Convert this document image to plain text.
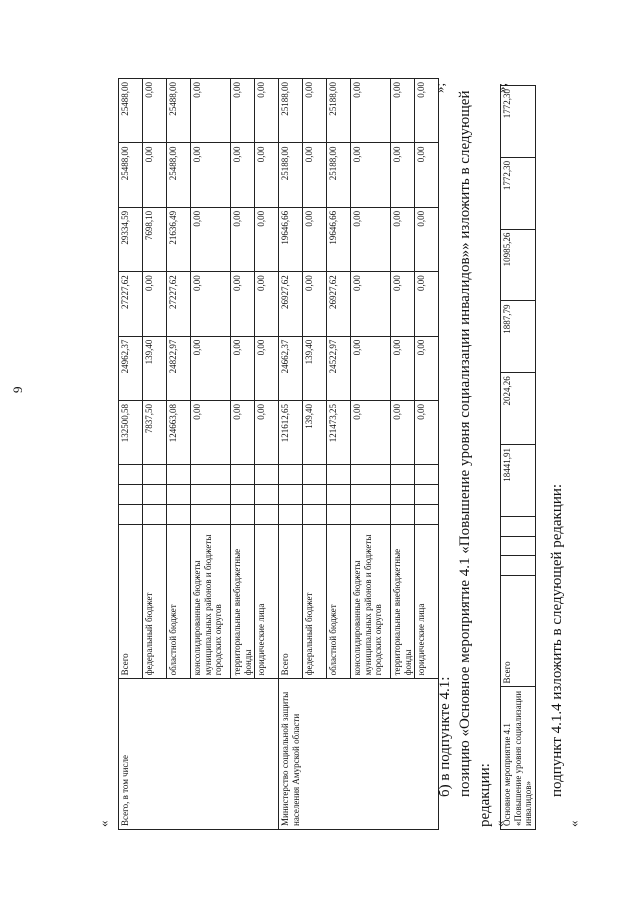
9
« Всего, в том числе	Всего				132500,58	24962,37	27227,62	29334,59	25488,00	25488,00
	федеральный бюджет				7837,50	139,40	0,00	7698,10	0,00	0,00
	областной бюджет				124663,08	24822,97	27227,62	21636,49	25488,00	25488,00
	консолидированные бюджеты муниципальных районов и бюджеты городских округов				0,00	0,00	0,00	0,00	0,00	0,00
	территориальные внебюджетные фонды				0,00	0,00	0,00	0,00	0,00	0,00
	юридические лица				0,00	0,00	0,00	0,00	0,00	0,00
Министерство социальной защиты населения Амурской области	Всего				121612,65	24662,37	26927,62	19646,66	25188,00	25188,00
	федеральный бюджет				139,40	139,40	0,00	0,00	0,00	0,00
	областной бюджет				121473,25	24522,97	26927,62	19646,66	25188,00	25188,00
	консолидированные бюджеты муниципальных районов и бюджеты городских округов				0,00	0,00	0,00	0,00	0,00	0,00
	территориальные внебюджетные фонды				0,00	0,00	0,00	0,00	0,00	0,00
	юридические лица				0,00	0,00	0,00	0,00	0,00	0,00 »;
б) в подпункте 4.1: позицию «Основное мероприятие 4.1 «Повышение уровня социализации инвалидов»» изложить в следующей редакции: «
Основное мероприятие 4.1 «Повышение уровня социализации инвалидов»	Всего				18441,91	2024,26	1887,79	10985,26	1772,30	1772,30
»;
подпункт 4.1.4 изложить в следующей редакции:
«
